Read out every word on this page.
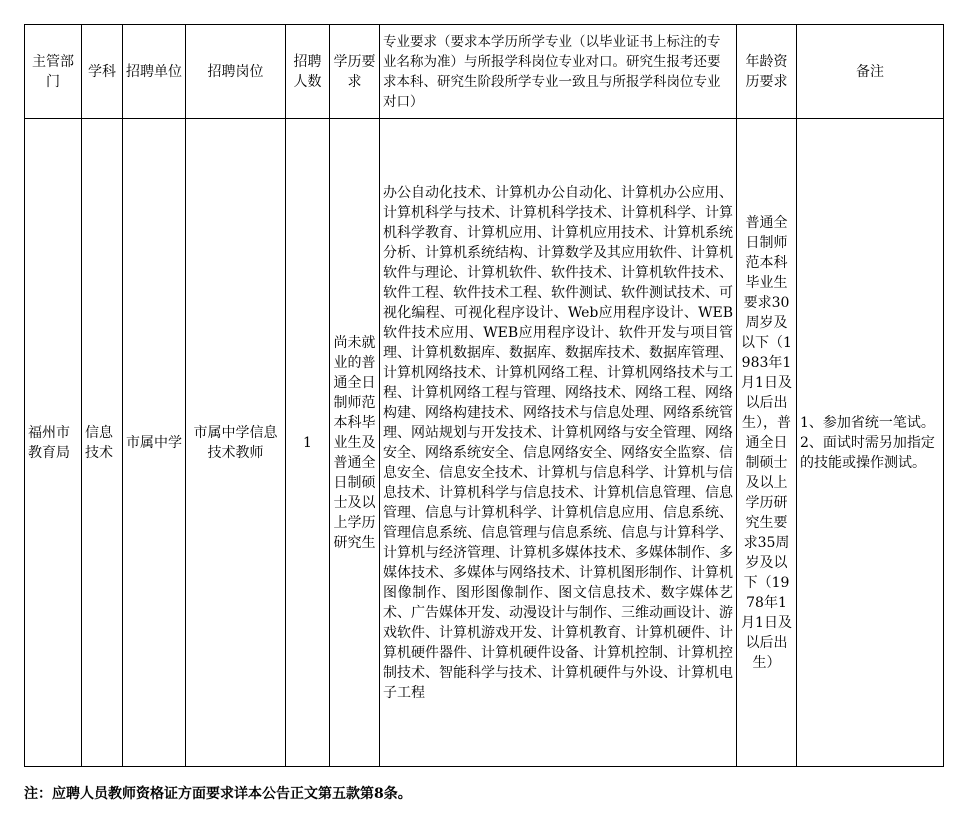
主管部门	学科	招聘单位	招聘岗位	招聘人数	学历要求	专业要求（要求本学历所学专业（以毕业证书上标注的专业名称为准）与所报学科岗位专业对口。研究生报考还要求本科、研究生阶段所学专业一致且与所报学科岗位专业对口）	年龄资历要求	备注
福州市教育局	信息技术	市属中学	市属中学信息技术教师	1	尚未就业的普通全日制师范本科毕业生及普通全日制硕士及以上学历研究生	办公自动化技术、计算机办公自动化、计算机办公应用、计算机科学与技术、计算机科学技术、计算机科学、计算机科学教育、计算机应用、计算机应用技术、计算机系统分析、计算机系统结构、计算数学及其应用软件、计算机软件与理论、计算机软件、软件技术、计算机软件技术、软件工程、软件技术工程、软件测试、软件测试技术、可视化编程、可视化程序设计、Web应用程序设计、WEB软件技术应用、WEB应用程序设计、软件开发与项目管理、计算机数据库、数据库、数据库技术、数据库管理、计算机网络技术、计算机网络工程、计算机网络技术与工程、计算机网络工程与管理、网络技术、网络工程、网络构建、网络构建技术、网络技术与信息处理、网络系统管理、网站规划与开发技术、计算机网络与安全管理、网络安全、网络系统安全、信息网络安全、网络安全监察、信息安全、信息安全技术、计算机与信息科学、计算机与信息技术、计算机科学与信息技术、计算机信息管理、信息管理、信息与计算机科学、计算机信息应用、信息系统、管理信息系统、信息管理与信息系统、信息与计算科学、计算机与经济管理、计算机多媒体技术、多媒体制作、多媒体技术、多媒体与网络技术、计算机图形制作、计算机图像制作、图形图像制作、图文信息技术、数字媒体艺术、广告媒体开发、动漫设计与制作、三维动画设计、游戏软件、计算机游戏开发、计算机教育、计算机硬件、计算机硬件器件、计算机硬件设备、计算机控制、计算机控制技术、智能科学与技术、计算机硬件与外设、计算机电子工程	普通全日制师范本科毕业生要求30周岁及以下（1983年1月1日及以后出生），普通全日制硕士及以上学历研究生要求35周岁及以下（1978年1月1日及以后出生）	1、参加省统一笔试。
2、面试时需另加指定的技能或操作测试。
注：应聘人员教师资格证方面要求详本公告正文第五款第8条。
